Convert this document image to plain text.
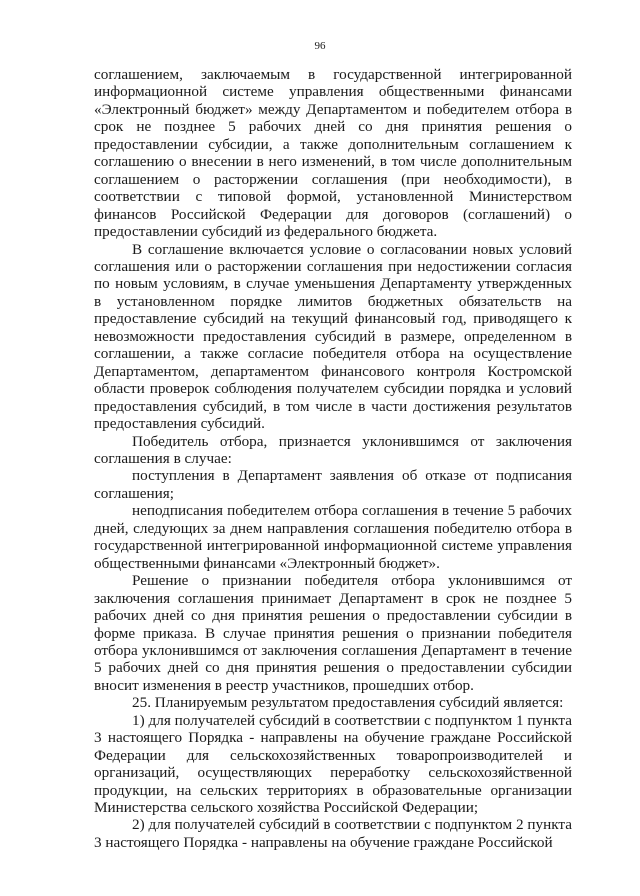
96

соглашением, заключаемым в государственной интегрированной информационной системе управления общественными финансами «Электронный бюджет» между Департаментом и победителем отбора в срок не позднее 5 рабочих дней со дня принятия решения о предоставлении субсидии, а также дополнительным соглашением к соглашению о внесении в него изменений, в том числе дополнительным соглашением о расторжении соглашения (при необходимости), в соответствии с типовой формой, установленной Министерством финансов Российской Федерации для договоров (соглашений) о предоставлении субсидий из федерального бюджета.

В соглашение включается условие о согласовании новых условий соглашения или о расторжении соглашения при недостижении согласия по новым условиям, в случае уменьшения Департаменту утвержденных в установленном порядке лимитов бюджетных обязательств на предоставление субсидий на текущий финансовый год, приводящего к невозможности предоставления субсидий в размере, определенном в соглашении, а также согласие победителя отбора на осуществление Департаментом, департаментом финансового контроля Костромской области проверок соблюдения получателем субсидии порядка и условий предоставления субсидий, в том числе в части достижения результатов предоставления субсидий.

Победитель отбора, признается уклонившимся от заключения соглашения в случае:

поступления в Департамент заявления об отказе от подписания соглашения;

неподписания победителем отбора соглашения в течение 5 рабочих дней, следующих за днем направления соглашения победителю отбора в государственной интегрированной информационной системе управления общественными финансами «Электронный бюджет».

Решение о признании победителя отбора уклонившимся от заключения соглашения принимает Департамент в срок не позднее 5 рабочих дней со дня принятия решения о предоставлении субсидии в форме приказа. В случае принятия решения о признании победителя отбора уклонившимся от заключения соглашения Департамент в течение 5 рабочих дней со дня принятия решения о предоставлении субсидии вносит изменения в реестр участников, прошедших отбор.

25. Планируемым результатом предоставления субсидий является:

1) для получателей субсидий в соответствии с подпунктом 1 пункта 3 настоящего Порядка - направлены на обучение граждане Российской Федерации для сельскохозяйственных товаропроизводителей и организаций, осуществляющих переработку сельскохозяйственной продукции, на сельских территориях в образовательные организации Министерства сельского хозяйства Российской Федерации;

2) для получателей субсидий в соответствии с подпунктом 2 пункта 3 настоящего Порядка - направлены на обучение граждане Российской
